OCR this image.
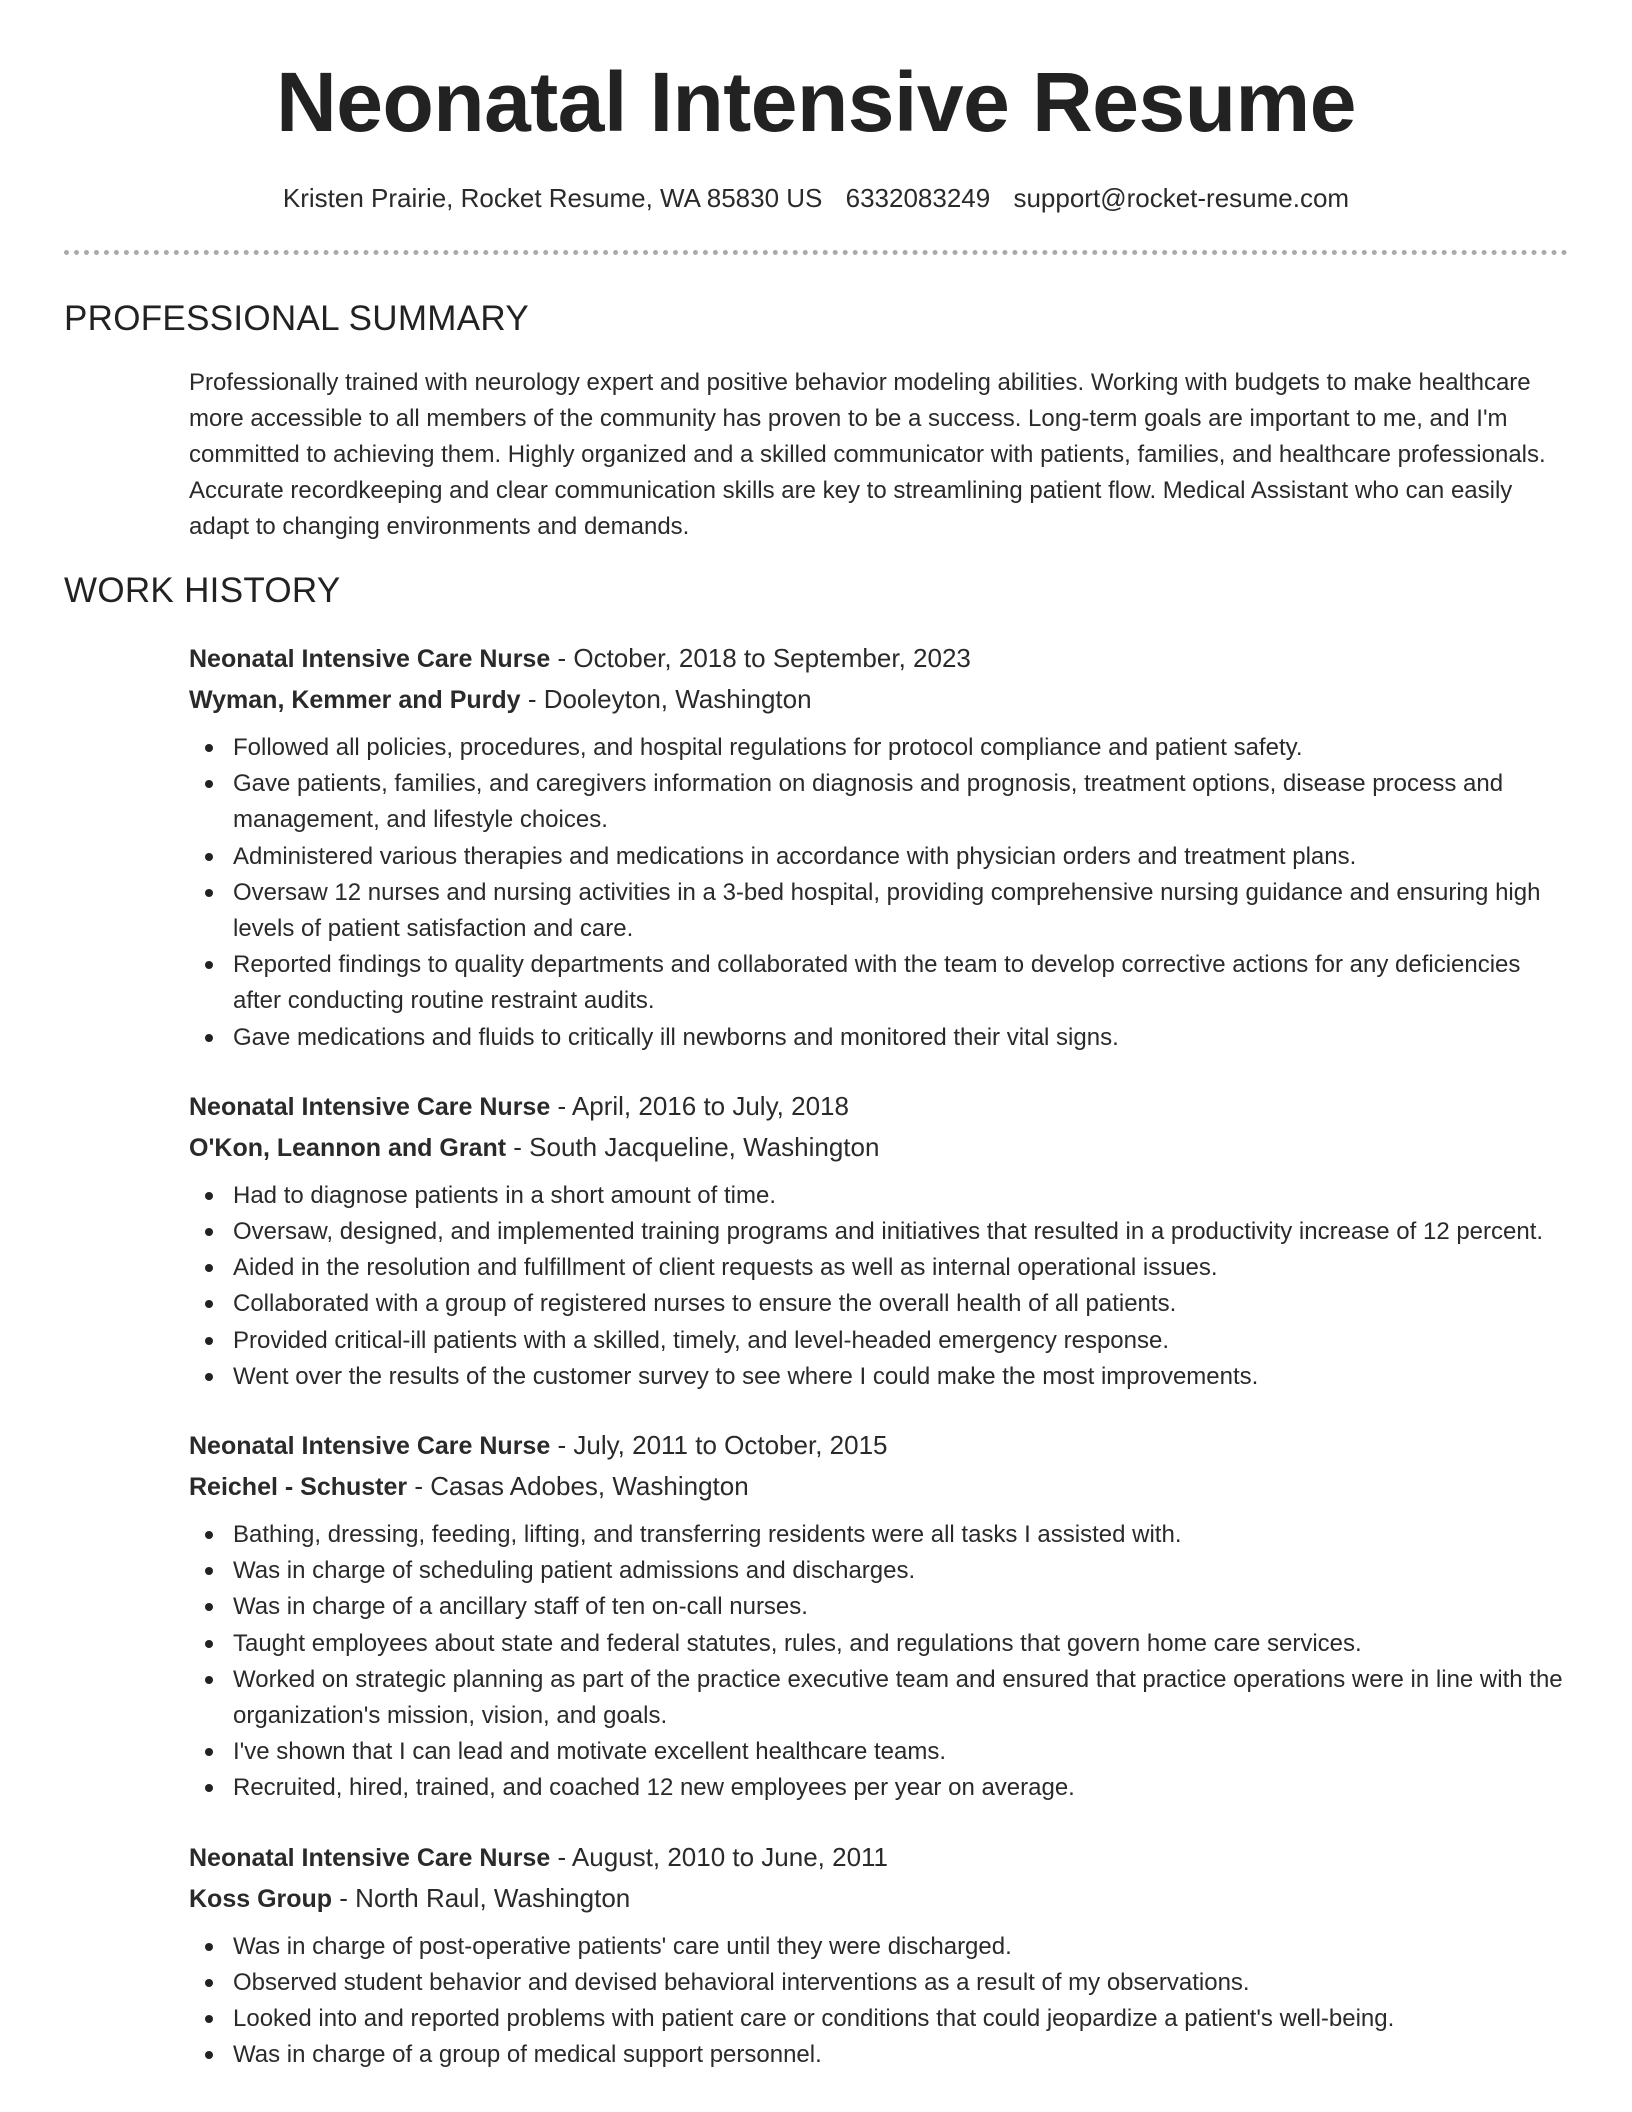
Neonatal Intensive Resume
Kristen Prairie, Rocket Resume, WA 85830 US 6332083249 support@rocket-resume.com
PROFESSIONAL SUMMARY

Professionally trained with neurology expert and positive behavior modeling abilities. Working with budgets to make healthcare more accessible to all members of the community has proven to be a success. Long-term goals are important to me, and I'm committed to achieving them. Highly organized and a skilled communicator with patients, families, and healthcare professionals. Accurate recordkeeping and clear communication skills are key to streamlining patient flow. Medical Assistant who can easily adapt to changing environments and demands.

WORK HISTORY
Neonatal Intensive Care Nurse - October, 2018 to September, 2023
Wyman, Kemmer and Purdy - Dooleyton, Washington
Followed all policies, procedures, and hospital regulations for protocol compliance and patient safety.
Gave patients, families, and caregivers information on diagnosis and prognosis, treatment options, disease process and management, and lifestyle choices.
Administered various therapies and medications in accordance with physician orders and treatment plans.
Oversaw 12 nurses and nursing activities in a 3-bed hospital, providing comprehensive nursing guidance and ensuring high levels of patient satisfaction and care.
Reported findings to quality departments and collaborated with the team to develop corrective actions for any deficiencies after conducting routine restraint audits.
Gave medications and fluids to critically ill newborns and monitored their vital signs.
Neonatal Intensive Care Nurse - April, 2016 to July, 2018
O'Kon, Leannon and Grant - South Jacqueline, Washington
Had to diagnose patients in a short amount of time.
Oversaw, designed, and implemented training programs and initiatives that resulted in a productivity increase of 12 percent.
Aided in the resolution and fulfillment of client requests as well as internal operational issues.
Collaborated with a group of registered nurses to ensure the overall health of all patients.
Provided critical-ill patients with a skilled, timely, and level-headed emergency response.
Went over the results of the customer survey to see where I could make the most improvements.
Neonatal Intensive Care Nurse - July, 2011 to October, 2015
Reichel - Schuster - Casas Adobes, Washington
Bathing, dressing, feeding, lifting, and transferring residents were all tasks I assisted with.
Was in charge of scheduling patient admissions and discharges.
Was in charge of a ancillary staff of ten on-call nurses.
Taught employees about state and federal statutes, rules, and regulations that govern home care services.
Worked on strategic planning as part of the practice executive team and ensured that practice operations were in line with the organization's mission, vision, and goals.
I've shown that I can lead and motivate excellent healthcare teams.
Recruited, hired, trained, and coached 12 new employees per year on average.
Neonatal Intensive Care Nurse - August, 2010 to June, 2011
Koss Group - North Raul, Washington
Was in charge of post-operative patients' care until they were discharged.
Observed student behavior and devised behavioral interventions as a result of my observations.
Looked into and reported problems with patient care or conditions that could jeopardize a patient's well-being.
Was in charge of a group of medical support personnel.
